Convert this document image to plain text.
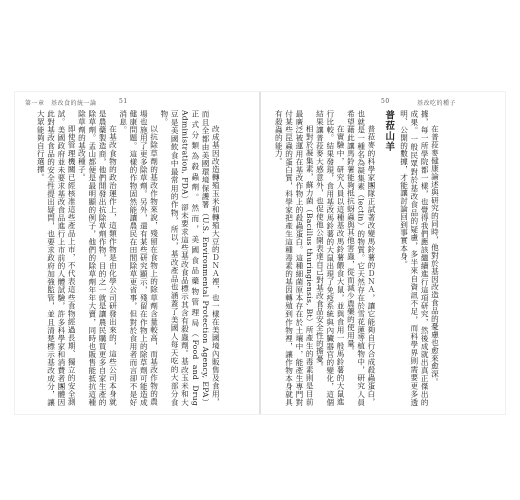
第一章　基改食的統一論	51	50	基改吃的種子

在普菈麥健康論述與研究的同時，他對於基因改造食品的憂慮也愈來愈深。

據，每一所學院都一樣，也覺得我們應該繼續進行這項研究，然後成就出真正傑出的成果。一般民眾對於基改食品的疑慮，多半來自資訊不足，而科學界則需要更多透明、公開的數據，才能讓討論回到事實本身。

普菈山羊

普菈麥的科學家團隊正試著改變馬鈴薯的ＤＮＡ，讓它能夠自行合成殺蟲蛋白，也就是一種名為凝集素（lectin）的物質。它天然存在於雪花蓮等植物中，研究人員希望藉此讓馬鈴薯能夠抵抗蚜蟲與其他害蟲，從而減少農藥的使用量。

在實驗中，研究人員以這種基改馬鈴薯餵食大鼠，並與食用一般馬鈴薯的大鼠進行比較。結果發現，食用基改馬鈴薯的大鼠出現了免疫系統與內臟器官的變化，這個結果讓普菈麥大感意外，也促使他公開表達自己對基改食品安全性的擔憂。

相對於凝集素，蘇力菌（Bacillus thuringiensis, Bt）所產生的毒素則是目前最廣泛被運用在基改作物上的殺蟲蛋白。這種細菌原本存在於土壤中，能產生專門對付某些昆蟲的蛋白質，科學家把產生這種毒素的基因轉殖到作物裡，讓作物本身就具有殺蟲的能力。

改成基因改造轉殖玉米和轉殖大豆的ＤＮＡ裡，也一樣在美國境內販售及食用，而且全都由美國環境保護署（U.S. Environmental Protection Agency, EPA）正式分類為殺蟲劑。然而，美國食品藥物管理局（Food and Drug Administration, FDA）卻未要求這些基改食品標示其含有殺蟲劑。基改玉米和大豆是美國飲食中最常用的作物，所以，基改產品也涵蓋了美國人每天吃的大部分食物。

以抗除草劑的基改作物來說，殘留在食物上的除草劑含量較高，而基改作物的農場也施用了更多除草劑。另外，還有某些研究顯示，殘留在作物上的除草劑可能造成健康問題。這樣的作物固然能讓農民在田間除草更省事，但對於食用者而言卻不是好消息。

在基改食物的政治運作上，這類作物是由化學公司研發出來的，這些公司本身就是農藥製造商，他們開發出抗除草劑作物，目的之一就是讓農民購買更多自家生產的除草劑。孟山都便是最明顯的例子，他們的除草劑年年大賣，同時也販售能抵抗這種除草劑的基改種子。

即使管理機關已經核准這些產品上市，不代表這些食物經過長期、獨立的安全測試。美國政府並未要求基改食品進行上市前的人體試驗，許多科學家和消費者團體因此對基改食品的安全性提出疑問，也要求政府加強監管，並且清楚標示基改成分，讓大眾能夠自行選擇。
